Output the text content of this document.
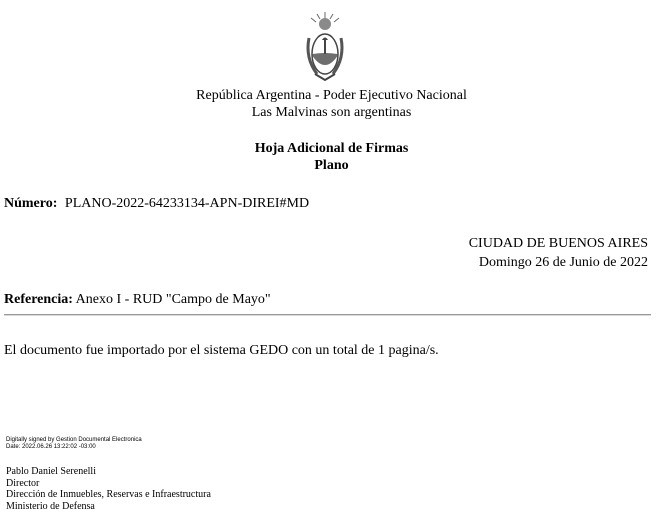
República Argentina - Poder Ejecutivo Nacional
Las Malvinas son argentinas
Hoja Adicional de Firmas
Plano
Número: PLANO-2022-64233134-APN-DIREI#MD
CIUDAD DE BUENOS AIRES
Domingo 26 de Junio de 2022
Referencia: Anexo I - RUD "Campo de Mayo"
El documento fue importado por el sistema GEDO con un total de 1 pagina/s.
Digitally signed by Gestion Documental Electronica
Date: 2022.06.26 13:22:02 -03:00
Pablo Daniel Serenelli
Director
Dirección de Inmuebles, Reservas e Infraestructura
Ministerio de Defensa
